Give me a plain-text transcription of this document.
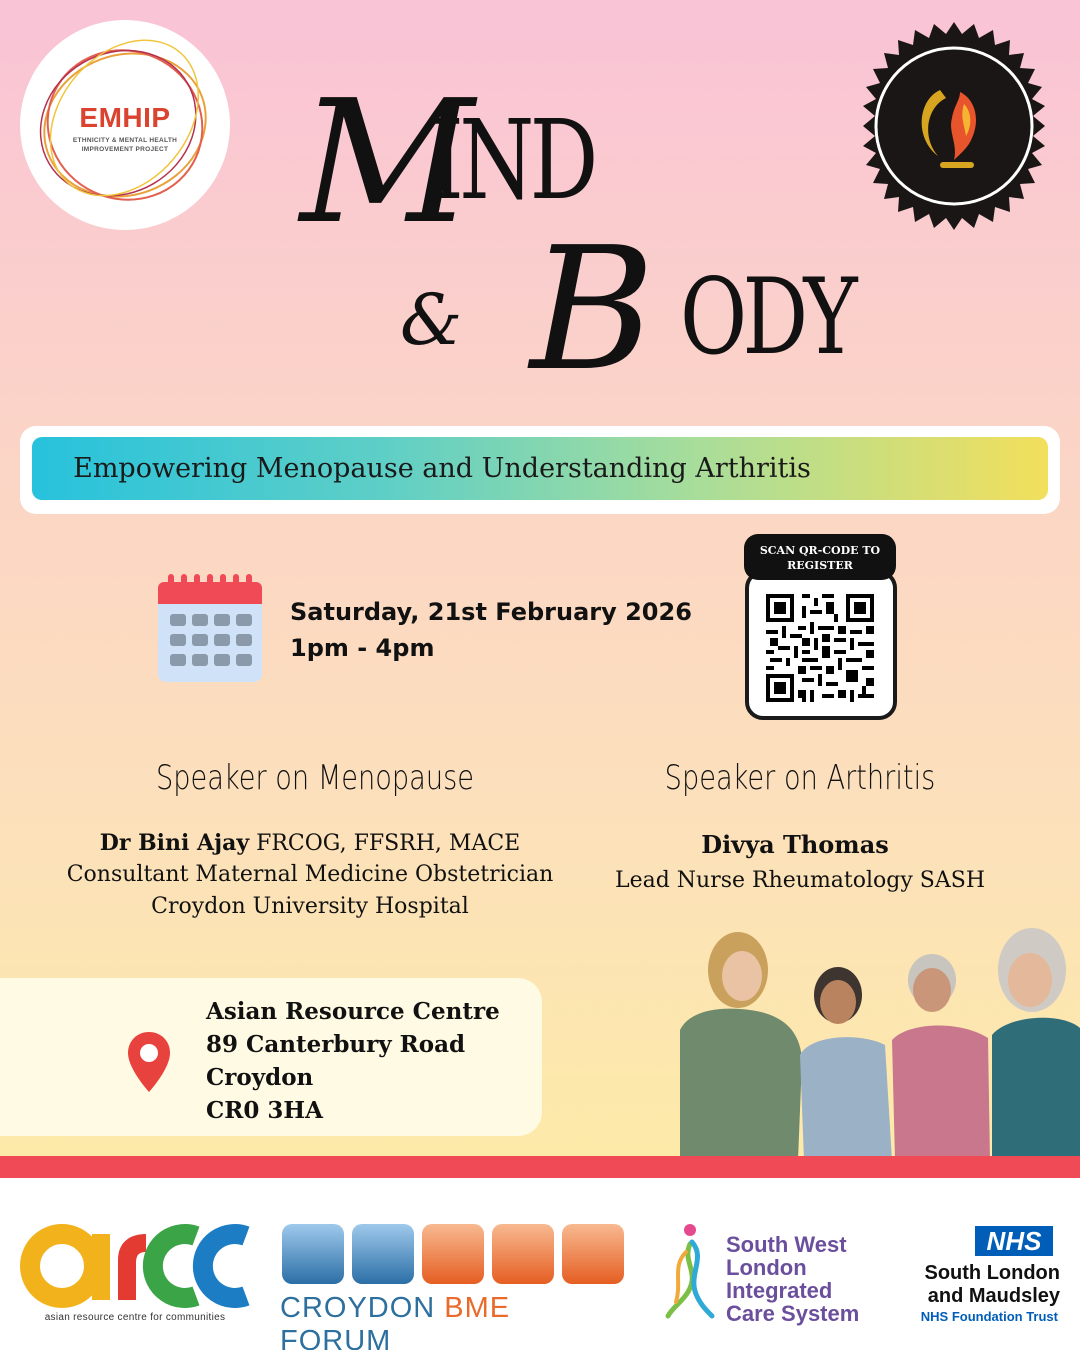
EMHIP
ETHNICITY & MENTAL HEALTH IMPROVEMENT PROJECT M
IND
& B ODY
Empowering Menopause and Understanding Arthritis
Saturday, 21st February 2026
1pm - 4pm
SCAN QR-CODE TO
REGISTER
Speaker on Menopause
Dr Bini Ajay FRCOG, FFSRH, MACE
Consultant Maternal Medicine Obstetrician
Croydon University Hospital
Speaker on Arthritis
Divya Thomas
Lead Nurse Rheumatology SASH
Asian Resource Centre
89 Canterbury Road
Croydon
CR0 3HA
asian resource centre for communities	CROYDON BME FORUM
South West
London
Integrated
Care System
NHS
South London
and Maudsley
NHS Foundation Trust
